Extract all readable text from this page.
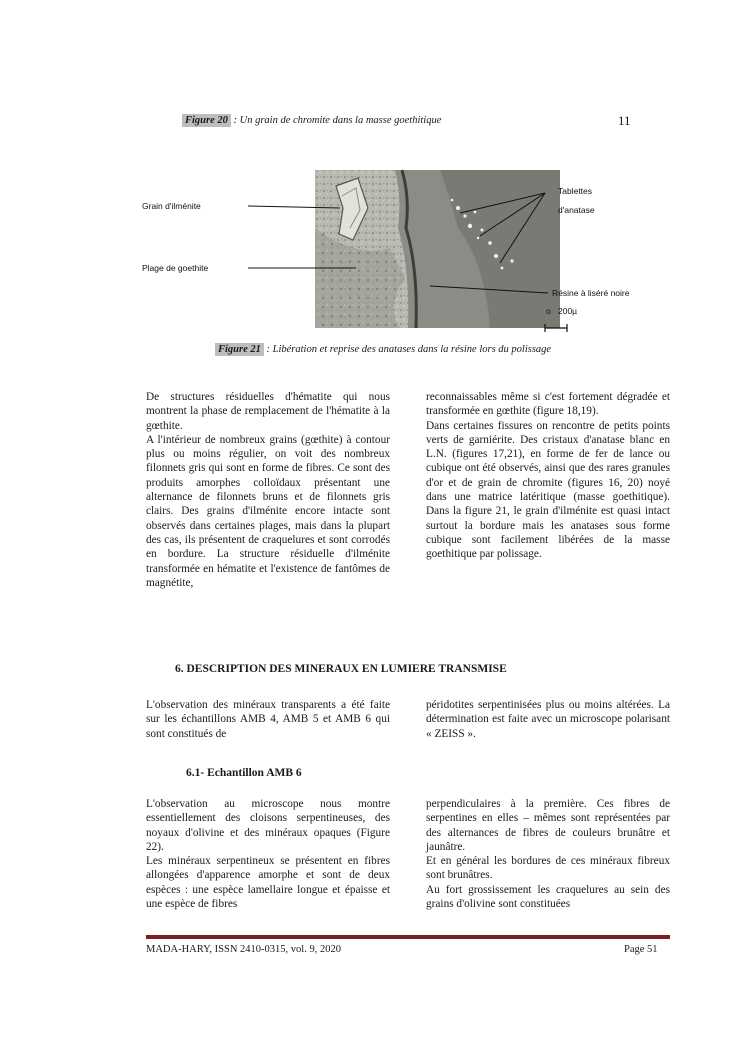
Figure 20 : Un grain de chromite dans la masse goethitique	11
Grain d'ilménite
Plage de goethite
Tablettes
d'anatase
Résine à liséré noire
o 200µ
Figure 21 : Libération et reprise des anatases dans la résine lors du polissage

De structures résiduelles d'hématite qui nous montrent la phase de remplacement de l'hématite à la gœthite.

A l'intérieur de nombreux grains (gœthite) à contour plus ou moins régulier, on voit des nombreux filonnets gris qui sont en forme de fibres. Ce sont des produits amorphes colloïdaux présentant une alternance de filonnets bruns et de filonnets gris clairs. Des grains d'ilménite encore intacte sont observés dans certaines plages, mais dans la plupart des cas, ils présentent de craquelures et sont corrodés en bordure. La structure résiduelle d'ilménite transformée en hématite et l'existence de fantômes de magnétite,

reconnaissables même si c'est fortement dégradée et transformée en gœthite (figure 18,19).

Dans certaines fissures on rencontre de petits points verts de garniérite. Des cristaux d'anatase blanc en L.N. (figures 17,21), en forme de fer de lance ou cubique ont été observés, ainsi que des rares granules d'or et de grain de chromite (figures 16, 20) noyé dans une matrice latéritique (masse goethitique). Dans la figure 21, le grain d'ilménite est quasi intact surtout la bordure mais les anatases sous forme cubique sont facilement libérées de la masse goethitique par polissage.

6. DESCRIPTION DES MINERAUX EN LUMIERE TRANSMISE

L'observation des minéraux transparents a été faite sur les échantillons AMB 4, AMB 5 et AMB 6 qui sont constitués de

péridotites serpentinisées plus ou moins altérées. La détermination est faite avec un microscope polarisant « ZEISS ».

6.1- Echantillon AMB 6

L'observation au microscope nous montre essentiellement des cloisons serpentineuses, des noyaux d'olivine et des minéraux opaques (Figure 22).

Les minéraux serpentineux se présentent en fibres allongées d'apparence amorphe et sont de deux espèces : une espèce lamellaire longue et épaisse et une espèce de fibres

perpendiculaires à la première. Ces fibres de serpentines en elles – mêmes sont représentées par des alternances de fibres de couleurs brunâtre et jaunâtre.

Et en général les bordures de ces minéraux fibreux sont brunâtres.

Au fort grossissement les craquelures au sein des grains d'olivine sont constituées

MADA-HARY, ISSN 2410-0315, vol. 9, 2020	Page 51
